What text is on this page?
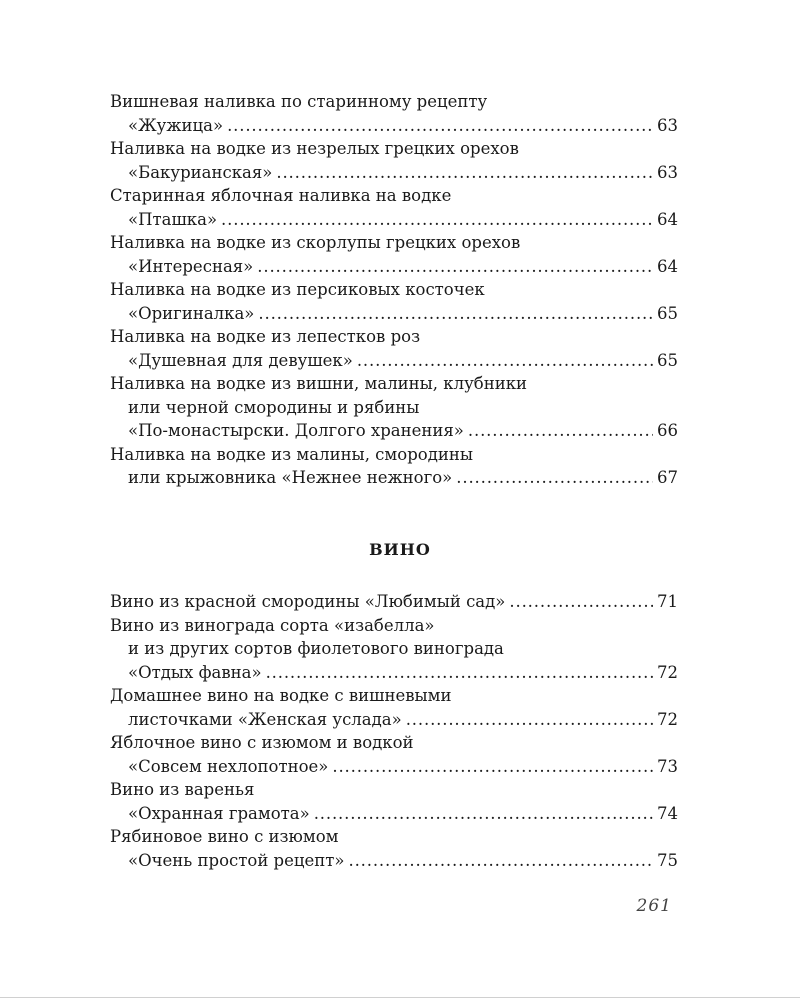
Вишневая наливка по старинному рецепту
«Жужица» . . .	63
Наливка на водке из незрелых грецких орехов
«Бакурианская» . . .	63
Старинная яблочная наливка на водке
«Пташка» . . .	64
Наливка на водке из скорлупы грецких орехов
«Интересная» . . .	64
Наливка на водке из персиковых косточек
«Оригиналка» . . .	65
Наливка на водке из лепестков роз
«Душевная для девушек» . . .	65
Наливка на водке из вишни, малины, клубники
или черной смородины и рябины
«По-монастырски. Долгого хранения» . . .	66
Наливка на водке из малины, смородины
или крыжовника «Нежнее нежного» . . .	67
ВИНО
Вино из красной смородины «Любимый сад» . . .	71
Вино из винограда сорта «изабелла»
и из других сортов фиолетового винограда
«Отдых фавна» . . .	72
Домашнее вино на водке с вишневыми
листочками «Женская услада» . . .	72
Яблочное вино с изюмом и водкой
«Совсем нехлопотное» . . .	73
Вино из варенья
«Охранная грамота» . . .	74
Рябиновое вино с изюмом
«Очень простой рецепт» . . .	75
261
